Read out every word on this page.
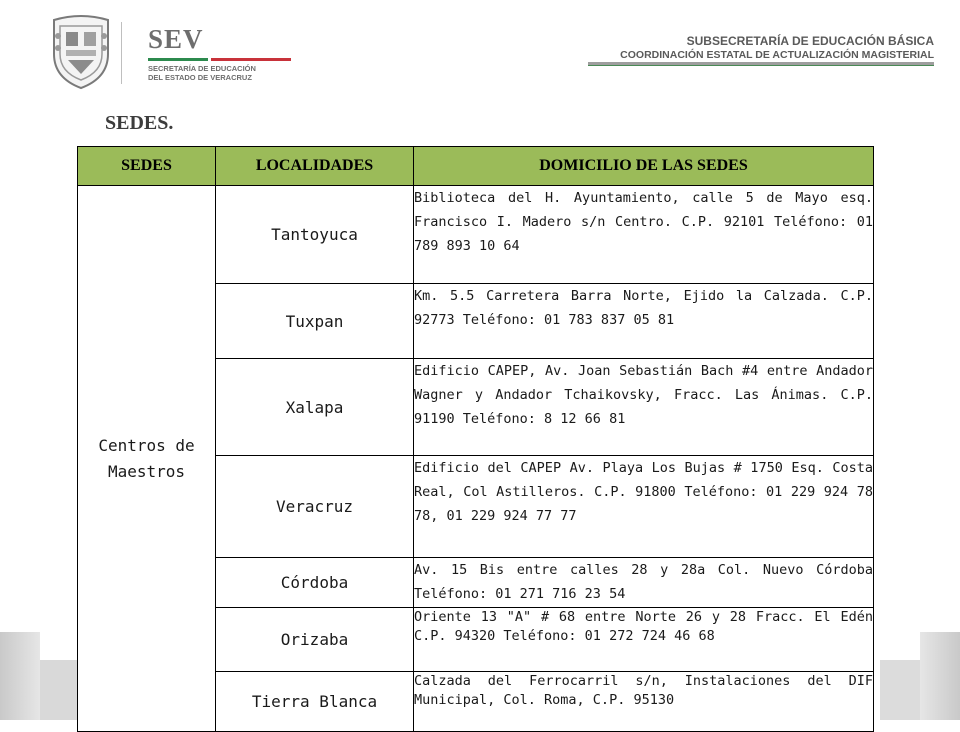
SEV
SECRETARÍA DE EDUCACIÓN
DEL ESTADO DE VERACRUZ
SUBSECRETARÍA DE EDUCACIÓN BÁSICA
COORDINACIÓN ESTATAL DE ACTUALIZACIÓN MAGISTERIAL
SEDES.
SEDES	LOCALIDADES	DOMICILIO DE LAS SEDES
Centros de Maestros	Tantoyuca	Biblioteca del H. Ayuntamiento, calle 5 de Mayo esq. Francisco I. Madero s/n Centro. C.P. 92101 Teléfono: 01 789 893 10 64
	Tuxpan	Km. 5.5 Carretera Barra Norte, Ejido la Calzada. C.P. 92773 Teléfono: 01 783 837 05 81
	Xalapa	Edificio CAPEP, Av. Joan Sebastián Bach #4 entre Andador Wagner y Andador Tchaikovsky, Fracc. Las Ánimas. C.P. 91190 Teléfono: 8 12 66 81
	Veracruz	Edificio del CAPEP Av. Playa Los Bujas # 1750 Esq. Costa Real, Col Astilleros. C.P. 91800 Teléfono: 01 229 924 78 78, 01 229 924 77 77
	Córdoba	Av. 15 Bis entre calles 28 y 28a Col. Nuevo Córdoba Teléfono: 01 271 716 23 54
	Orizaba	Oriente 13 "A" # 68 entre Norte 26 y 28 Fracc. El Edén C.P. 94320 Teléfono: 01 272 724 46 68
	Tierra Blanca	Calzada del Ferrocarril s/n, Instalaciones del DIF Municipal, Col. Roma, C.P. 95130
